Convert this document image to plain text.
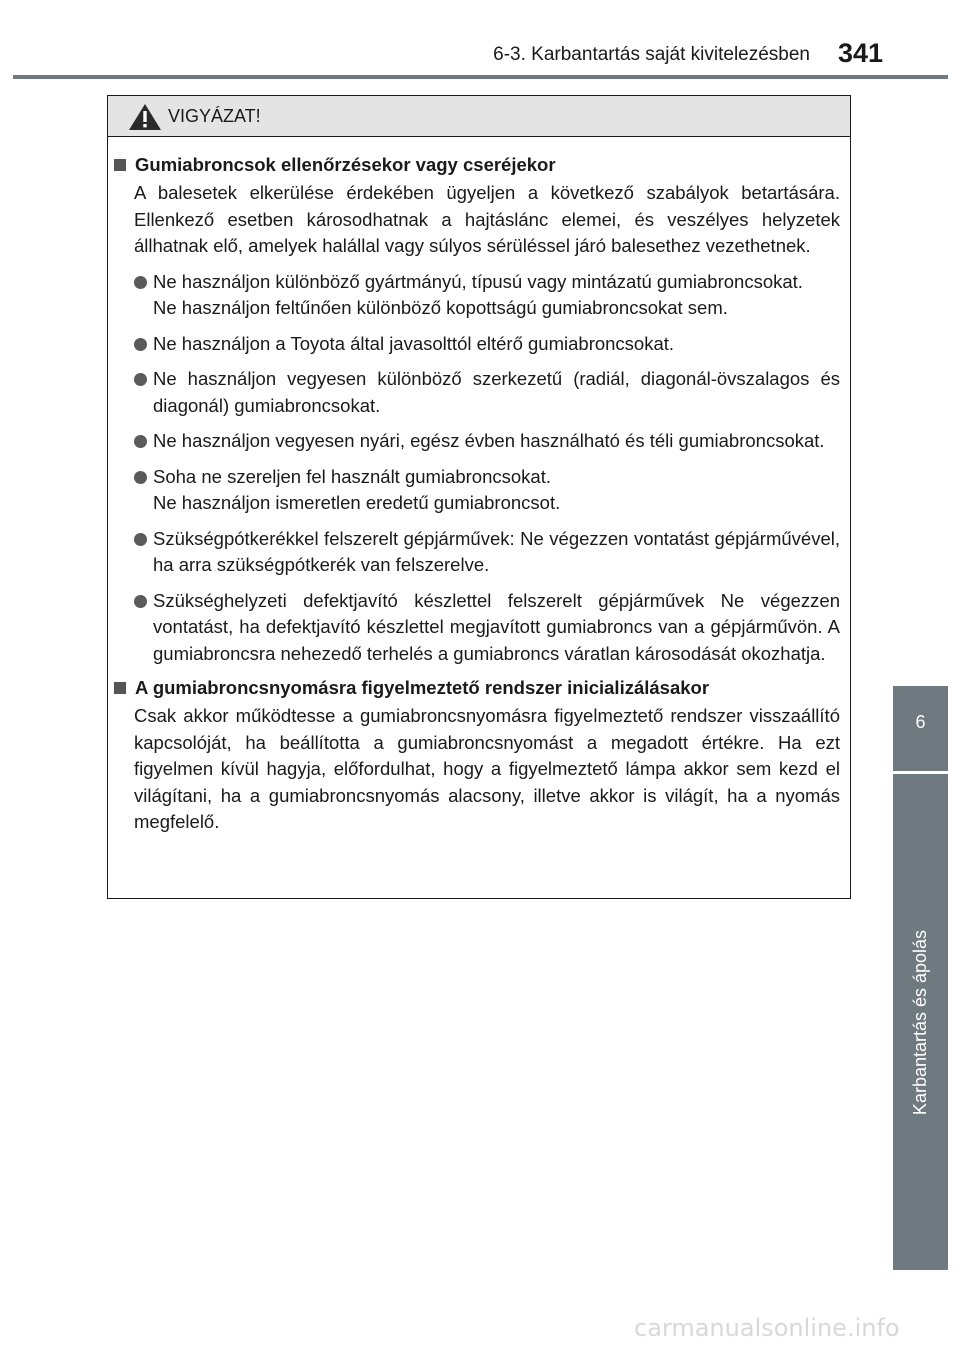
6-3. Karbantartás saját kivitelezésben 341
6
Karbantartás és ápolás
VIGYÁZAT!
Gumiabroncsok ellenőrzésekor vagy cseréjekor
A balesetek elkerülése érdekében ügyeljen a következő szabályok betartására. Ellenkező esetben károsodhatnak a hajtáslánc elemei, és veszélyes helyzetek állhatnak elő, amelyek halállal vagy súlyos sérüléssel járó balesethez vezethetnek.
Ne használjon különböző gyártmányú, típusú vagy mintázatú gumiabroncsokat.
Ne használjon feltűnően különböző kopottságú gumiabroncsokat sem.
Ne használjon a Toyota által javasolttól eltérő gumiabroncsokat.
Ne használjon vegyesen különböző szerkezetű (radiál, diagonál-övszalagos és diagonál) gumiabroncsokat.
Ne használjon vegyesen nyári, egész évben használható és téli gumiabroncsokat.
Soha ne szereljen fel használt gumiabroncsokat.
Ne használjon ismeretlen eredetű gumiabroncsot.
Szükségpótkerékkel felszerelt gépjárművek: Ne végezzen vontatást gépjárművével, ha arra szükségpótkerék van felszerelve.
Szükséghelyzeti defektjavító készlettel felszerelt gépjárművek Ne végezzen vontatást, ha defektjavító készlettel megjavított gumiabroncs van a gépjárművön. A gumiabroncsra nehezedő terhelés a gumiabroncs váratlan károsodását okozhatja.
A gumiabroncsnyomásra figyelmeztető rendszer inicializálásakor
Csak akkor működtesse a gumiabroncsnyomásra figyelmeztető rendszer visszaállító kapcsolóját, ha beállította a gumiabroncsnyomást a megadott értékre. Ha ezt figyelmen kívül hagyja, előfordulhat, hogy a figyelmeztető lámpa akkor sem kezd el világítani, ha a gumiabroncsnyomás alacsony, illetve akkor is világít, ha a nyomás megfelelő.
carmanualsonline.info
